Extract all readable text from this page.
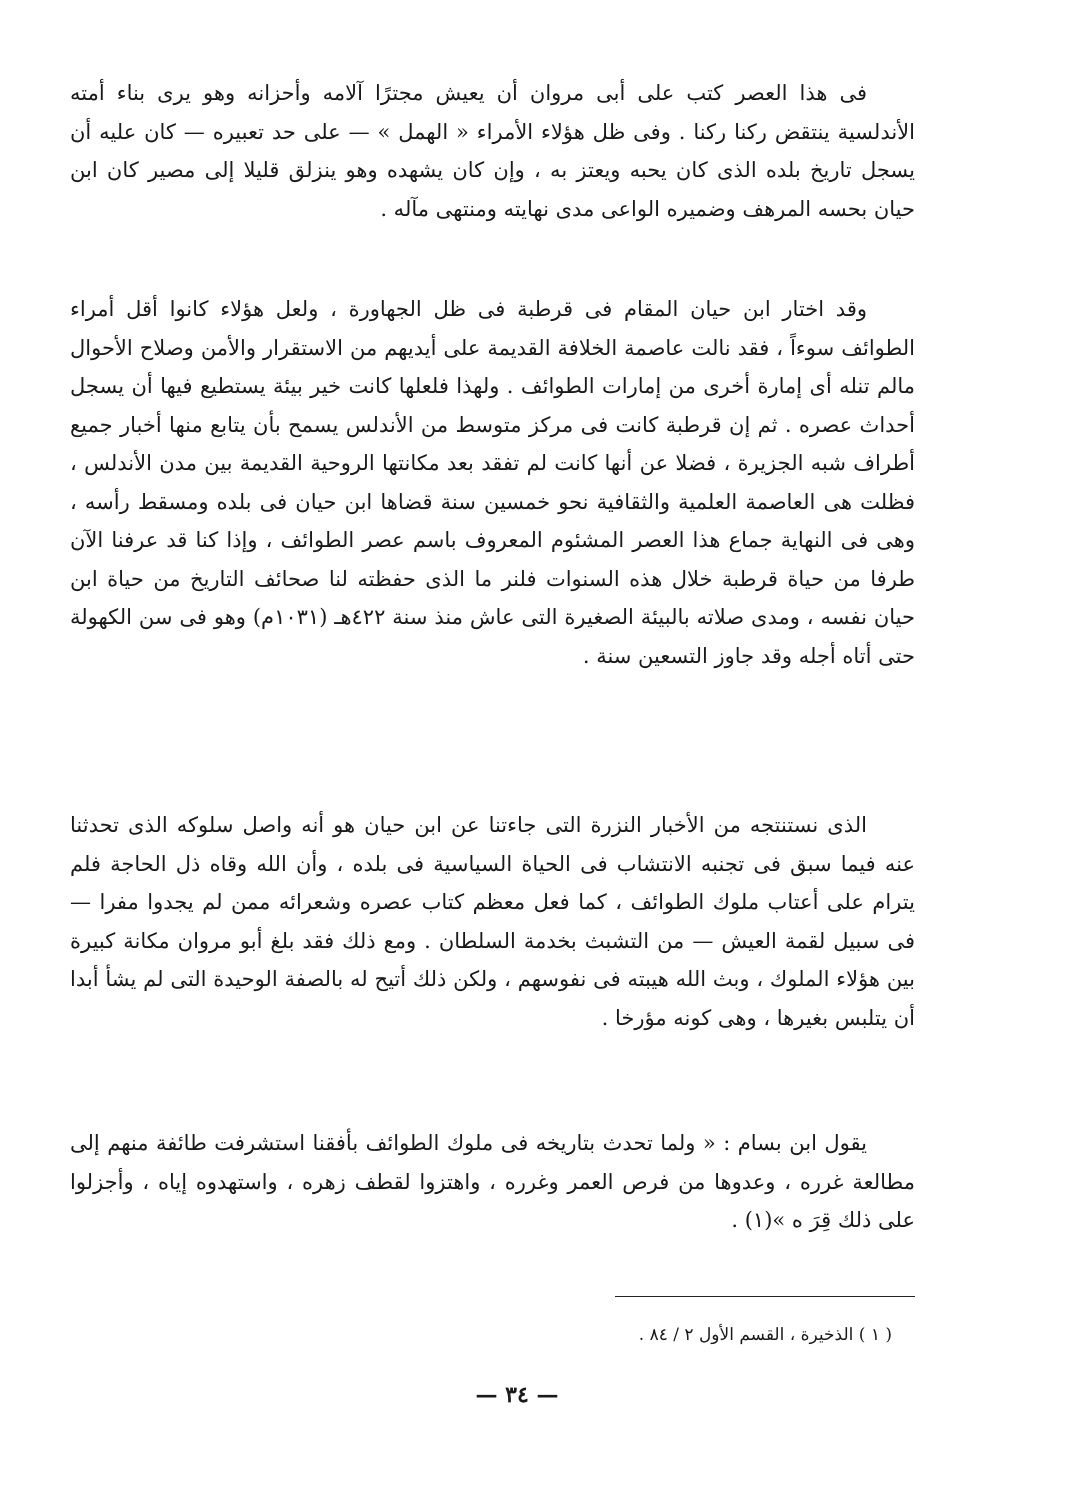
فى هذا العصر كتب على أبى مروان أن يعيش مجترًا آلامه وأحزانه وهو يرى بناء أمته الأندلسية ينتقض ركنا ركنا . وفى ظل هؤلاء الأمراء « الهمل » — على حد تعبيره — كان عليه أن يسجل تاريخ بلده الذى كان يحبه ويعتز به ، وإن كان يشهده وهو ينزلق قليلا إلى مصير كان ابن حيان بحسه المرهف وضميره الواعى مدى نهايته ومنتهى مآله .

وقد اختار ابن حيان المقام فى قرطبة فى ظل الجهاورة ، ولعل هؤلاء كانوا أقل أمراء الطوائف سوءاً ، فقد نالت عاصمة الخلافة القديمة على أيديهم من الاستقرار والأمن وصلاح الأحوال مالم تنله أى إمارة أخرى من إمارات الطوائف . ولهذا فلعلها كانت خير بيئة يستطيع فيها أن يسجل أحداث عصره . ثم إن قرطبة كانت فى مركز متوسط من الأندلس يسمح بأن يتابع منها أخبار جميع أطراف شبه الجزيرة ، فضلا عن أنها كانت لم تفقد بعد مكانتها الروحية القديمة بين مدن الأندلس ، فظلت هى العاصمة العلمية والثقافية نحو خمسين سنة قضاها ابن حيان فى بلده ومسقط رأسه ، وهى فى النهاية جماع هذا العصر المشئوم المعروف باسم عصر الطوائف ، وإذا كنا قد عرفنا الآن طرفا من حياة قرطبة خلال هذه السنوات فلنر ما الذى حفظته لنا صحائف التاريخ من حياة ابن حيان نفسه ، ومدى صلاته بالبيئة الصغيرة التى عاش منذ سنة ٤٢٢هـ (١٠٣١م) وهو فى سن الكهولة حتى أتاه أجله وقد جاوز التسعين سنة .

الذى نستنتجه من الأخبار النزرة التى جاءتنا عن ابن حيان هو أنه واصل سلوكه الذى تحدثنا عنه فيما سبق فى تجنبه الانتشاب فى الحياة السياسية فى بلده ، وأن الله وقاه ذل الحاجة فلم يترام على أعتاب ملوك الطوائف ، كما فعل معظم كتاب عصره وشعرائه ممن لم يجدوا مفرا — فى سبيل لقمة العيش — من التشبث بخدمة السلطان . ومع ذلك فقد بلغ أبو مروان مكانة كبيرة بين هؤلاء الملوك ، وبث الله هيبته فى نفوسهم ، ولكن ذلك أتيح له بالصفة الوحيدة التى لم يشأ أبدا أن يتلبس بغيرها ، وهى كونه مؤرخا .

يقول ابن بسام : « ولما تحدث بتاريخه فى ملوك الطوائف بأفقنا استشرفت طائفة منهم إلى مطالعة غرره ، وعدوها من فرص العمر وغرره ، واهتزوا لقطف زهره ، واستهدوه إياه ، وأجزلوا على ذلك قِرَ ه »(١) .

( ١ ) الذخيرة ، القسم الأول ٢ / ٨٤ .
— ٣٤ —
